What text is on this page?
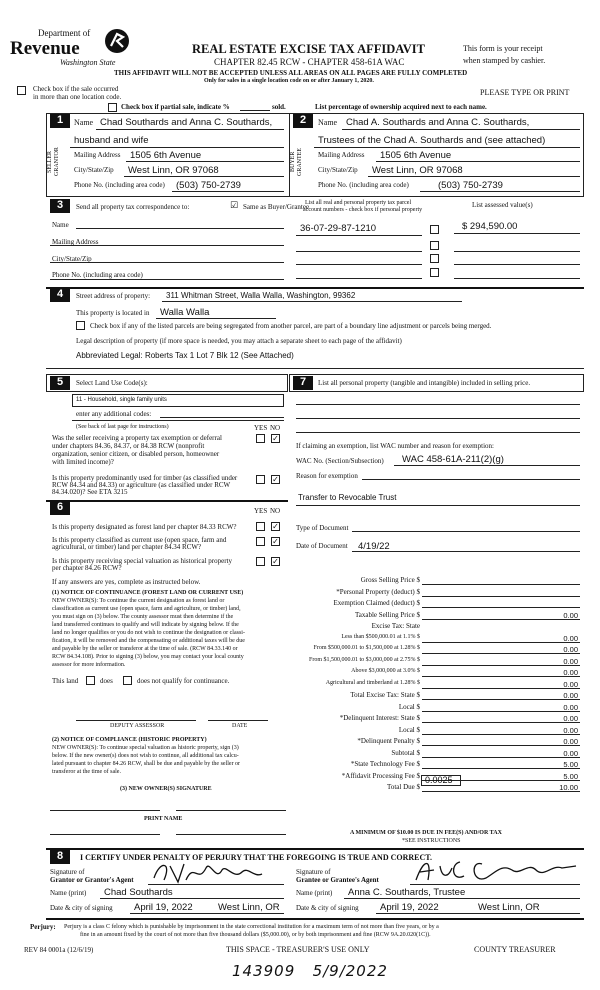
Department of
Revenue
Washington State
REAL ESTATE EXCISE TAX AFFIDAVIT
CHAPTER 82.45 RCW - CHAPTER 458-61A WAC
This form is your receipt
when stamped by cashier.
THIS AFFIDAVIT WILL NOT BE ACCEPTED UNLESS ALL AREAS ON ALL PAGES ARE FULLY COMPLETED
Only for sales in a single location code on or after January 1, 2020.
Check box if the sale occurred
in more than one location code.
Check box if partial sale, indicate %	sold.	List percentage of ownership acquired next to each name.
PLEASE TYPE OR PRINT
1
SELLER GRANTOR
Name Chad Southards and Anna C. Southards,
husband and wife
Mailing Address 1505 6th Avenue
City/State/Zip West Linn, OR 97068
Phone No. (including area code) (503) 750-2739
2
BUYER GRANTEE
Name Chad A. Southards and Anna C. Southards,
Trustees of the Chad A. Southards and (see attached)
Mailing Address 1505 6th Avenue
City/State/Zip West Linn, OR 97068
Phone No. (including area code)	(503) 750-2739
3	Send all property tax correspondence to:	☑ Same as Buyer/Grantee
List all real and personal property tax parcel
account numbers - check box if personal property
List assessed value(s)
Name
Mailing Address
City/State/Zip
Phone No. (including area code)
36-07-29-87-1210	$ 294,590.00
4	Street address of property: 311 Whitman Street, Walla Walla, Washington, 99362
This property is located in Walla Walla
Check box if any of the listed parcels are being segregated from another parcel, are part of a boundary line adjustment or parcels being merged.
Legal description of property (if more space is needed, you may attach a separate sheet to each page of the affidavit)
Abbreviated Legal: Roberts Tax 1 Lot 7 Blk 12 (See Attached)
5	Select Land Use Code(s):
11 - Household, single family units
enter any additional codes:
(See back of last page for instructions)	YES NO
Was the seller receiving a property tax exemption or deferral
under chapters 84.36, 84.37, or 84.38 RCW (nonprofit
organization, senior citizen, or disabled person, homeowner
with limited income)?
✓
Is this property predominantly used for timber (as classified under
RCW 84.34 and 84.33) or agriculture (as classified under RCW
84.34.020)? See ETA 3215
✓
6	YES NO
Is this property designated as forest land per chapter 84.33 RCW?	✓
Is this property classified as current use (open space, farm and
agricultural, or timber) land per chapter 84.34 RCW?
✓
Is this property receiving special valuation as historical property
per chapter 84.26 RCW?
✓
If any answers are yes, complete as instructed below.
(1) NOTICE OF CONTINUANCE (FOREST LAND OR CURRENT USE)
NEW OWNER(S): To continue the current designation as forest land or
classification as current use (open space, farm and agriculture, or timber) land,
you must sign on (3) below. The county assessor must then determine if the
land transferred continues to qualify and will indicate by signing below. If the
land no longer qualifies or you do not wish to continue the designation or classi-
fication, it will be removed and the compensating or additional taxes will be due
and payable by the seller or transferor at the time of sale. (RCW 84.33.140 or
RCW 84.34.108). Prior to signing (3) below, you may contact your local county
assessor for more information.
This land	does	does not qualify for continuance.
DEPUTY ASSESSOR	DATE
(2) NOTICE OF COMPLIANCE (HISTORIC PROPERTY)
NEW OWNER(S): To continue special valuation as historic property, sign (3)
below. If the new owner(s) does not wish to continue, all additional tax calcu-
lated pursuant to chapter 84.26 RCW, shall be due and payable by the seller or
transferor at the time of sale.
(3) NEW OWNER(S) SIGNATURE
PRINT NAME
7	List all personal property (tangible and intangible) included in selling price.
If claiming an exemption, list WAC number and reason for exemption:
WAC No. (Section/Subsection) WAC 458-61A-211(2)(g)
Reason for exemption
Transfer to Revocable Trust
Type of Document
Date of Document 4/19/22
Gross Selling Price $
*Personal Property (deduct) $
Exemption Claimed (deduct) $
Taxable Selling Price $	0.00
Excise Tax: State
Less than $500,000.01 at 1.1% $	0.00
From $500,000.01 to $1,500,000 at 1.28% $	0.00
From $1,500,000.01 to $3,000,000 at 2.75% $	0.00
Above $3,000,000 at 3.0% $	0.00
Agricultural and timberland at 1.28% $	0.00
Total Excise Tax: State $	0.00
Local $	0.00
*Delinquent Interest: State $	0.00
Local $	0.00
*Delinquent Penalty $	0.00
Subtotal $	0.00
*State Technology Fee $	5.00
*Affidavit Processing Fee $	5.00
Total Due $	10.00
0.0025
A MINIMUM OF $10.00 IS DUE IN FEE(S) AND/OR TAX
*SEE INSTRUCTIONS
8	I CERTIFY UNDER PENALTY OF PERJURY THAT THE FOREGOING IS TRUE AND CORRECT.
Signature of
Grantor or Grantor's Agent
Name (print) Chad Southards
Date & city of signing April 19, 2022	West Linn, OR
Signature of
Grantee or Grantee's Agent
Name (print) Anna C. Southards, Trustee
Date & city of signing April 19, 2022	West Linn, OR
Perjury: Perjury is a class C felony which is punishable by imprisonment in the state correctional institution for a maximum term of not more than five years, or by a
fine in an amount fixed by the court of not more than five thousand dollars ($5,000.00), or by both imprisonment and fine (RCW 9A.20.020(1C)).
REV 84 0001a (12/6/19)	THIS SPACE - TREASURER'S USE ONLY	COUNTY TREASURER
143909   5/9/2022
